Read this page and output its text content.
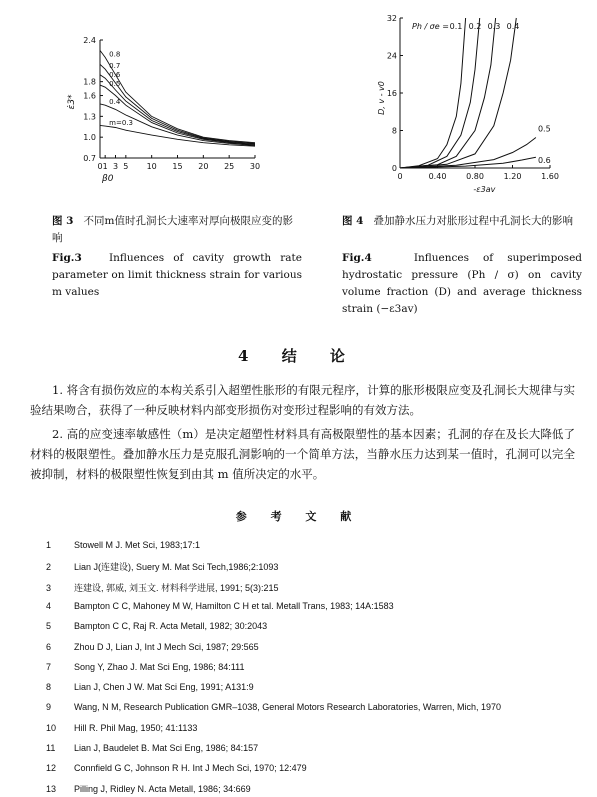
0.7
1.0
1.3
1.6
1.8
2.4
0 1 3 5 10 15 20 25 30
ε̇3*
β0
0.8
0.7
0.6
0.5
0.4
m=0.3
0
8
16
24
32
0	0.40 0.80 1.20 1.60
D, v - v0
-ε3av
Ph / σe = 0.1 0.2 0.3 0.4
0.5
0.6
图 3 不同m值时孔洞长大速率对厚向极限应变的影响
Fig.3	Influences of cavity growth rate parameter on limit thickness strain for various m values
图 4 叠加静水压力对胀形过程中孔洞长大的影响
Fig.4	Influences of superimposed hydrostatic pressure (Ph / σ) on cavity volume fraction (D) and average thickness strain (−ε3av)
4 结 论
1. 将含有损伤效应的本构关系引入超塑性胀形的有限元程序，计算的胀形极限应变及孔洞长大规律与实验结果吻合，获得了一种反映材料内部变形损伤对变形过程影响的有效方法。
2. 高的应变速率敏感性（m）是决定超塑性材料具有高极限塑性的基本因素；孔洞的存在及长大降低了材料的极限塑性。叠加静水压力是克服孔洞影响的一个简单方法，当静水压力达到某一值时，孔洞可以完全被抑制，材料的极限塑性恢复到由其 m 值所决定的水平。
参 考 文 献
1	Stowell M J. Met Sci, 1983;17:1
2	Lian J(连建设), Suery M. Mat Sci Tech,1986;2:1093
3	连建设, 郭威, 刘玉文. 材料科学进展, 1991; 5(3):215
4	Bampton C C, Mahoney M W, Hamilton C H et tal. Metall Trans, 1983; 14A:1583
5	Bampton C C, Raj R. Acta Metall, 1982; 30:2043
6	Zhou D J, Lian J, Int J Mech Sci, 1987; 29:565
7	Song Y, Zhao J. Mat Sci Eng, 1986; 84:111
8	Lian J, Chen J W. Mat Sci Eng, 1991; A131:9
9	Wang, N M, Research Publication GMR–1038, General Motors Research Laboratories, Warren, Mich, 1970
10 Hill R. Phil Mag, 1950; 41:1133
11 Lian J, Baudelet B. Mat Sci Eng, 1986; 84:157
12 Connfield G C, Johnson R H. Int J Mech Sci, 1970; 12:479
13 Pilling J, Ridley N. Acta Metall, 1986; 34:669
